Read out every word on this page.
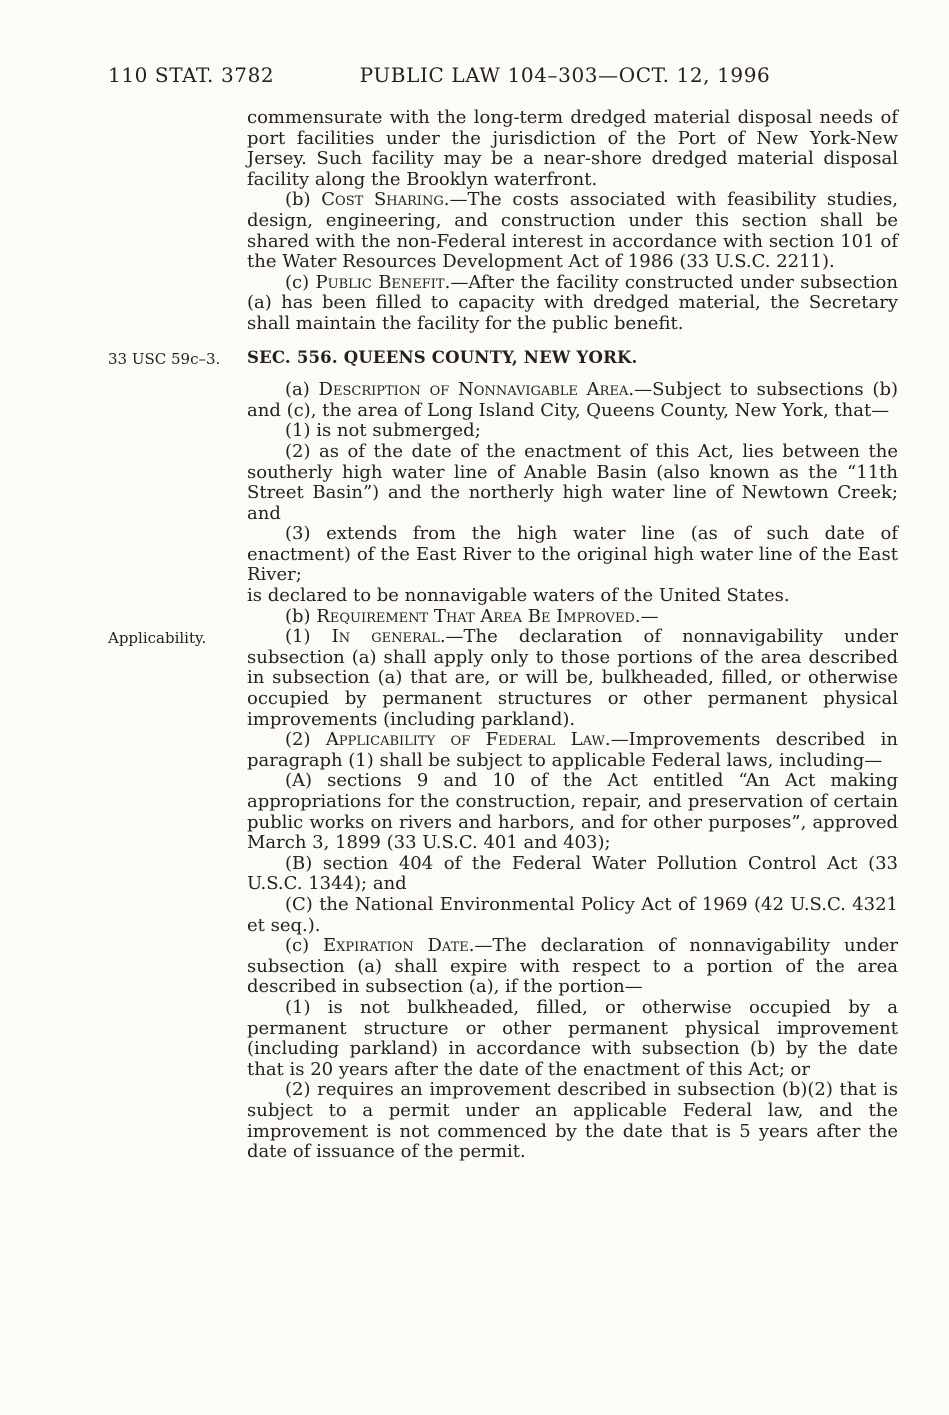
110 STAT. 3782	PUBLIC LAW 104–303—OCT. 12, 1996
33 USC 59c–3.
Applicability.

commensurate with the long-term dredged material disposal needs of port facilities under the jurisdiction of the Port of New York-New Jersey. Such facility may be a near-shore dredged material disposal facility along the Brooklyn waterfront.

(b) Cost Sharing.—The costs associated with feasibility studies, design, engineering, and construction under this section shall be shared with the non-Federal interest in accordance with section 101 of the Water Resources Development Act of 1986 (33 U.S.C. 2211).

(c) Public Benefit.—After the facility constructed under subsection (a) has been filled to capacity with dredged material, the Secretary shall maintain the facility for the public benefit.

SEC. 556. QUEENS COUNTY, NEW YORK.

(a) Description of Nonnavigable Area.—Subject to subsections (b) and (c), the area of Long Island City, Queens County, New York, that—

(1) is not submerged;

(2) as of the date of the enactment of this Act, lies between the southerly high water line of Anable Basin (also known as the “11th Street Basin”) and the northerly high water line of Newtown Creek; and

(3) extends from the high water line (as of such date of enactment) of the East River to the original high water line of the East River;

is declared to be nonnavigable waters of the United States.

(b) Requirement That Area Be Improved.—

(1) In general.—The declaration of nonnavigability under subsection (a) shall apply only to those portions of the area described in subsection (a) that are, or will be, bulkheaded, filled, or otherwise occupied by permanent structures or other permanent physical improvements (including parkland).

(2) Applicability of Federal Law.—Improvements described in paragraph (1) shall be subject to applicable Federal laws, including—

(A) sections 9 and 10 of the Act entitled “An Act making appropriations for the construction, repair, and preservation of certain public works on rivers and harbors, and for other purposes”, approved March 3, 1899 (33 U.S.C. 401 and 403);

(B) section 404 of the Federal Water Pollution Control Act (33 U.S.C. 1344); and

(C) the National Environmental Policy Act of 1969 (42 U.S.C. 4321 et seq.).

(c) Expiration Date.—The declaration of nonnavigability under subsection (a) shall expire with respect to a portion of the area described in subsection (a), if the portion—

(1) is not bulkheaded, filled, or otherwise occupied by a permanent structure or other permanent physical improvement (including parkland) in accordance with subsection (b) by the date that is 20 years after the date of the enactment of this Act; or

(2) requires an improvement described in subsection (b)(2) that is subject to a permit under an applicable Federal law, and the improvement is not commenced by the date that is 5 years after the date of issuance of the permit.
